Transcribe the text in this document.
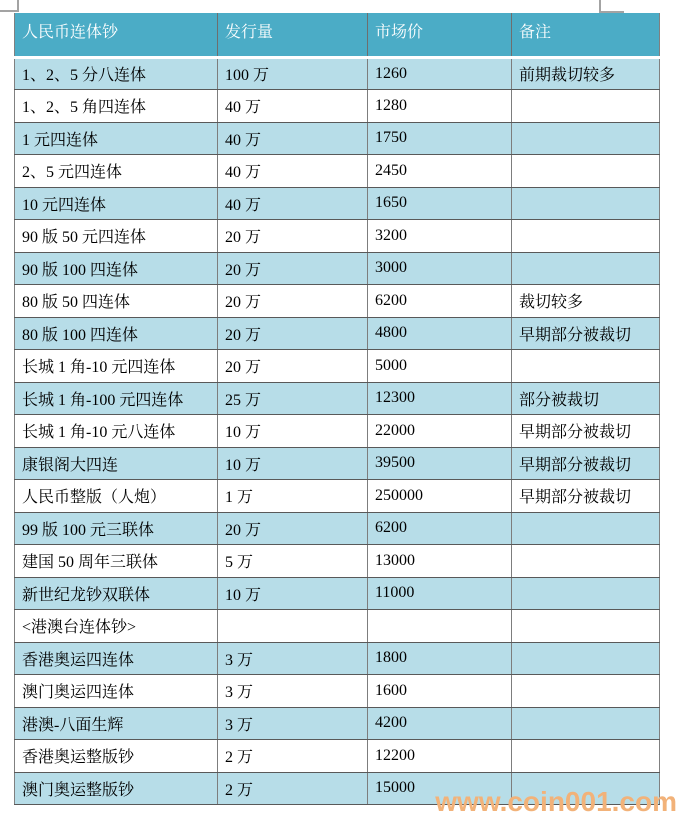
人民币连体钞	发行量	市场价	备注
1、2、5 分八连体	100 万	1260	前期裁切较多
1、2、5 角四连体	40 万	1280	
1 元四连体	40 万	1750	
2、5 元四连体	40 万	2450	
10 元四连体	40 万	1650	
90 版 50 元四连体	20 万	3200	
90 版 100 四连体	20 万	3000	
80 版 50 四连体	20 万	6200	裁切较多
80 版 100 四连体	20 万	4800	早期部分被裁切
长城 1 角-10 元四连体	20 万	5000	
长城 1 角-100 元四连体	25 万	12300	部分被裁切
长城 1 角-10 元八连体	10 万	22000	早期部分被裁切
康银阁大四连	10 万	39500	早期部分被裁切
人民币整版（人炮）	1 万	250000	早期部分被裁切
99 版 100 元三联体	20 万	6200	
建国 50 周年三联体	5 万	13000	
新世纪龙钞双联体	10 万	11000	
<港澳台连体钞>			
香港奥运四连体	3 万	1800	
澳门奥运四连体	3 万	1600	
港澳-八面生辉	3 万	4200	
香港奥运整版钞	2 万	12200	
澳门奥运整版钞	2 万	15000	www.coin001.com
